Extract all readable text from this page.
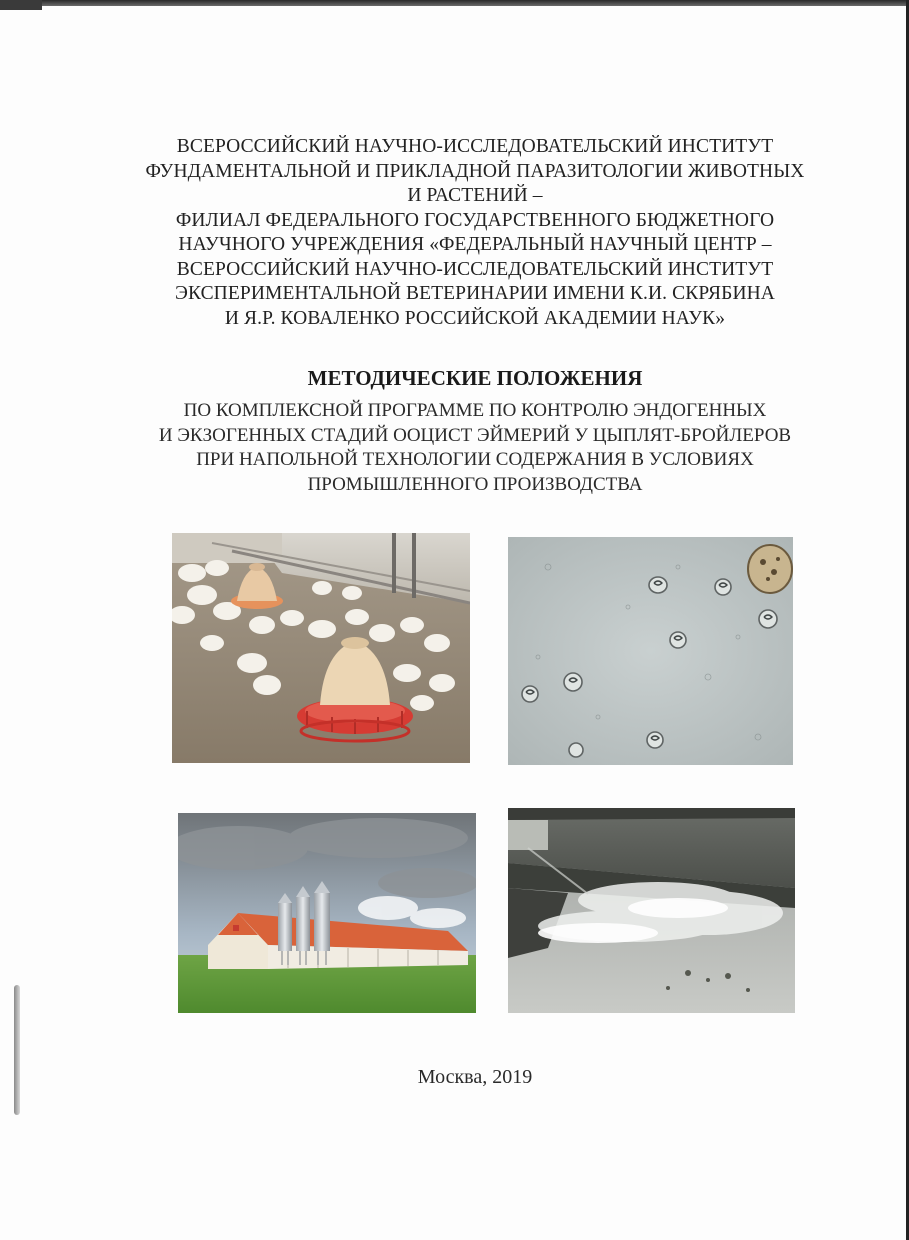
ВСЕРОССИЙСКИЙ НАУЧНО-ИССЛЕДОВАТЕЛЬСКИЙ ИНСТИТУТ
ФУНДАМЕНТАЛЬНОЙ И ПРИКЛАДНОЙ ПАРАЗИТОЛОГИИ ЖИВОТНЫХ
И РАСТЕНИЙ –
ФИЛИАЛ ФЕДЕРАЛЬНОГО ГОСУДАРСТВЕННОГО БЮДЖЕТНОГО
НАУЧНОГО УЧРЕЖДЕНИЯ «ФЕДЕРАЛЬНЫЙ НАУЧНЫЙ ЦЕНТР –
ВСЕРОССИЙСКИЙ НАУЧНО-ИССЛЕДОВАТЕЛЬСКИЙ ИНСТИТУТ
ЭКСПЕРИМЕНТАЛЬНОЙ ВЕТЕРИНАРИИ ИМЕНИ К.И. СКРЯБИНА
И Я.Р. КОВАЛЕНКО РОССИЙСКОЙ АКАДЕМИИ НАУК»
МЕТОДИЧЕСКИЕ ПОЛОЖЕНИЯ
ПО КОМПЛЕКСНОЙ ПРОГРАММЕ ПО КОНТРОЛЮ ЭНДОГЕННЫХ
И ЭКЗОГЕННЫХ СТАДИЙ ООЦИСТ ЭЙМЕРИЙ У ЦЫПЛЯТ-БРОЙЛЕРОВ
ПРИ НАПОЛЬНОЙ ТЕХНОЛОГИИ СОДЕРЖАНИЯ В УСЛОВИЯХ
ПРОМЫШЛЕННОГО ПРОИЗВОДСТВА
Москва, 2019
